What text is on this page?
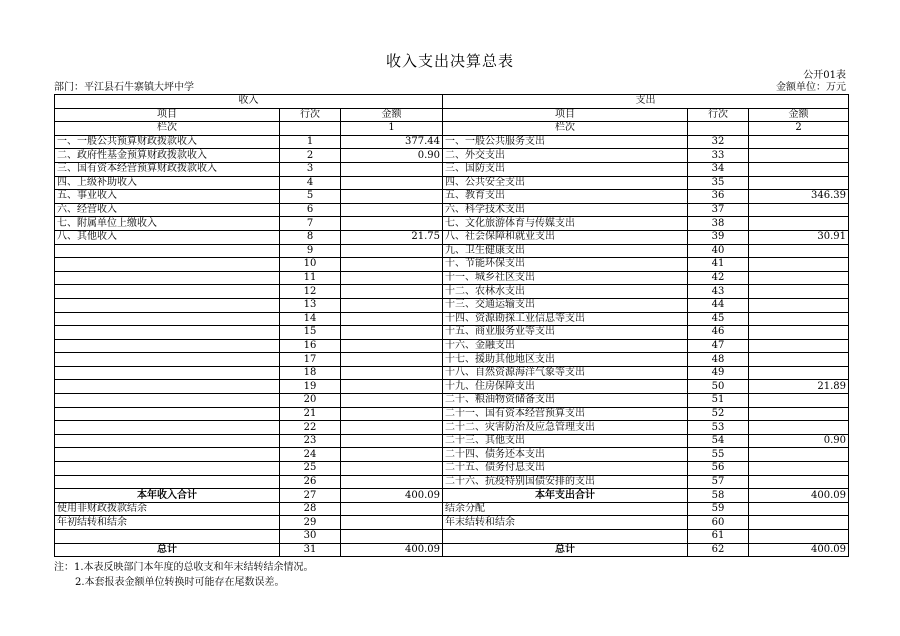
收入支出决算总表
公开01表
部门：平江县石牛寨镇大坪中学	金额单位：万元
收入			支出		
项目	行次	金额	项目	行次	金额
栏次		1	栏次		2
一、一般公共预算财政拨款收入	1	377.44	一、一般公共服务支出	32	
二、政府性基金预算财政拨款收入	2	0.90	二、外交支出	33	
三、国有资本经营预算财政拨款收入	3		三、国防支出	34	
四、上级补助收入	4		四、公共安全支出	35	
五、事业收入	5		五、教育支出	36	346.39
六、经营收入	6		六、科学技术支出	37	
七、附属单位上缴收入	7		七、文化旅游体育与传媒支出	38	
八、其他收入	8	21.75	八、社会保障和就业支出	39	30.91
	9		九、卫生健康支出	40	
	10		十、节能环保支出	41	
	11		十一、城乡社区支出	42	
	12		十二、农林水支出	43	
	13		十三、交通运输支出	44	
	14		十四、资源勘探工业信息等支出	45	
	15		十五、商业服务业等支出	46	
	16		十六、金融支出	47	
	17		十七、援助其他地区支出	48	
	18		十八、自然资源海洋气象等支出	49	
	19		十九、住房保障支出	50	21.89
	20		二十、粮油物资储备支出	51	
	21		二十一、国有资本经营预算支出	52	
	22		二十二、灾害防治及应急管理支出	53	
	23		二十三、其他支出	54	0.90
	24		二十四、债务还本支出	55	
	25		二十五、债务付息支出	56	
	26		二十六、抗疫特别国债安排的支出	57	
本年收入合计	27	400.09	本年支出合计	58	400.09
使用非财政拨款结余	28		结余分配	59	
年初结转和结余	29		年末结转和结余	60	
	30			61	
总计	31	400.09	总计	62	400.09
注：1.本表反映部门本年度的总收支和年末结转结余情况。
2.本套报表金额单位转换时可能存在尾数误差。
